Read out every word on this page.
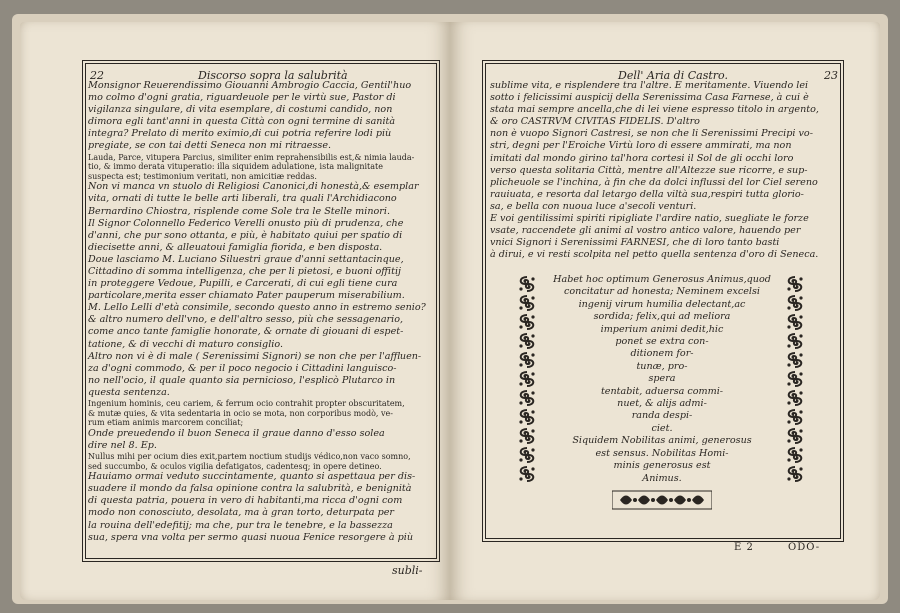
22	Discorso sopra la salubrità

Monsignor Reuerendissimo Giouanni Ambrogio Caccia, Gentil'huo

mo colmo d'ogni gratia, riguardeuole per le virtù sue, Pastor di

vigilanza singulare, di vita esemplare, di costumi candido, non

dimora egli tant'anni in questa Città con ogni termine di sanità

integra? Prelato di merito eximio,di cui potria referire lodi più

pregiate, se con tai detti Seneca non mi ritraesse.

Lauda, Parce, vitupera Parcius, similiter enim reprahensibilis est,& nimia lauda-

tio, & immo derata vituperatio: illa siquidem adulatione, ista malignitate

suspecta est; testimonium veritati, non amicitiæ reddas.

Non vi manca vn stuolo di Religiosi Canonici,di honestà,& esemplar

vita, ornati di tutte le belle arti liberali, tra quali l'Archidiacono

Bernardino Chiostra, risplende come Sole tra le Stelle minori.

Il Signor Colonnello Federico Verelli onusto più di prudenza, che

d'anni, che pur sono ottanta, e più, è habitato quiui per spatio di

diecisette anni, & alleuatoui famiglia fiorida, e ben disposta.

Doue lasciamo M. Luciano Siluestri graue d'anni settantacinque,

Cittadino di somma intelligenza, che per li pietosi, e buoni offitij

in proteggere Vedoue, Pupilli, e Carcerati, di cui egli tiene cura

particolare,merita esser chiamato Pater pauperum miserabilium.

M. Lello Lelli d'età consimile, secondo questo anno in estremo senio?

& altro numero dell'vno, e dell'altro sesso, più che sessagenario,

come anco tante famiglie honorate, & ornate di giouani di espet-

tatione, & di vecchi di maturo consiglio.

Altro non vi è di male ( Serenissimi Signori) se non che per l'affluen-

za d'ogni commodo, & per il poco negocio i Cittadini languisco-

no nell'ocio, il quale quanto sia pernicioso, l'esplicò Plutarco in

questa sentenza.

Ingenium hominis, ceu cariem, & ferrum ocio contrahit propter obscuritatem,

& mutæ quies, & vita sedentaria in ocio se mota, non corporibus modò, ve-

rum etiam animis marcorem conciliat;

Onde preuedendo il buon Seneca il graue danno d'esso solea

dire nel 8. Ep.

Nullus mihi per ocium dies exit,partem noctium studijs védico,non vaco somno,

sed succumbo, & oculos vigilia defatigatos, cadentesq; in opere detineo.

Hauiamo ormai veduto succintamente, quanto si aspettaua per dis-

suadere il mondo da falsa opinione contra la salubrità, e benignità

di questa patria, pouera in vero di habitanti,ma ricca d'ogni com

modo non conosciuto, desolata, ma à gran torto, deturpata per

la rouina dell'edefitij; ma che, pur tra le tenebre, e la bassezza

sua, spera vna volta per sermo quasi nuoua Fenice resorgere à più

subli-
Dell' Aria di Castro.	23

sublime vita, e risplendere tra l'altre. E meritamente. Viuendo lei

sotto i felicissimi auspicij della Serenissima Casa Farnese, à cui è

stata mai sempre ancella,che di lei viene espresso titolo in argento,

& oro CASTRVM CIVITAS FIDELIS. D'altro

non è vuopo Signori Castresi, se non che li Serenissimi Precipi vo-

stri, degni per l'Eroiche Virtù loro di essere ammirati, ma non

imitati dal mondo girino tal'hora cortesi il Sol de gli occhi loro

verso questa solitaria Città, mentre all'Altezze sue ricorre, e sup-

plicheuole se l'inchina, à fin che da dolci influssi del lor Ciel sereno

rauiuata, e resorta dal letargo della viltà sua,respiri tutta glorio-

sa, e bella con nuoua luce a'secoli venturi.

E voi gentilissimi spiriti ripigliate l'ardire natio, suegliate le forze

vsate, raccendete gli animi al vostro antico valore, hauendo per

vnici Signori i Serenissimi FARNESI, che di loro tanto basti

à dirui, e vi resti scolpita nel petto quella sentenza d'oro di Seneca.

Habet hoc optimum Generosus Animus,quod

concitatur ad honesta; Neminem excelsi

ingenij virum humilia delectant,ac

sordida; felix,qui ad meliora

imperium animi dedit,hic

ponet se extra con-

ditionem for-

tunæ, pro-

spera

tentabit, aduersa commi-

nuet, & alijs admi-

randa despi-

ciet.

Siquidem Nobilitas animi, generosus

est sensus. Nobilitas Homi-

minis generosus est

Animus.

E 2	ODO-
